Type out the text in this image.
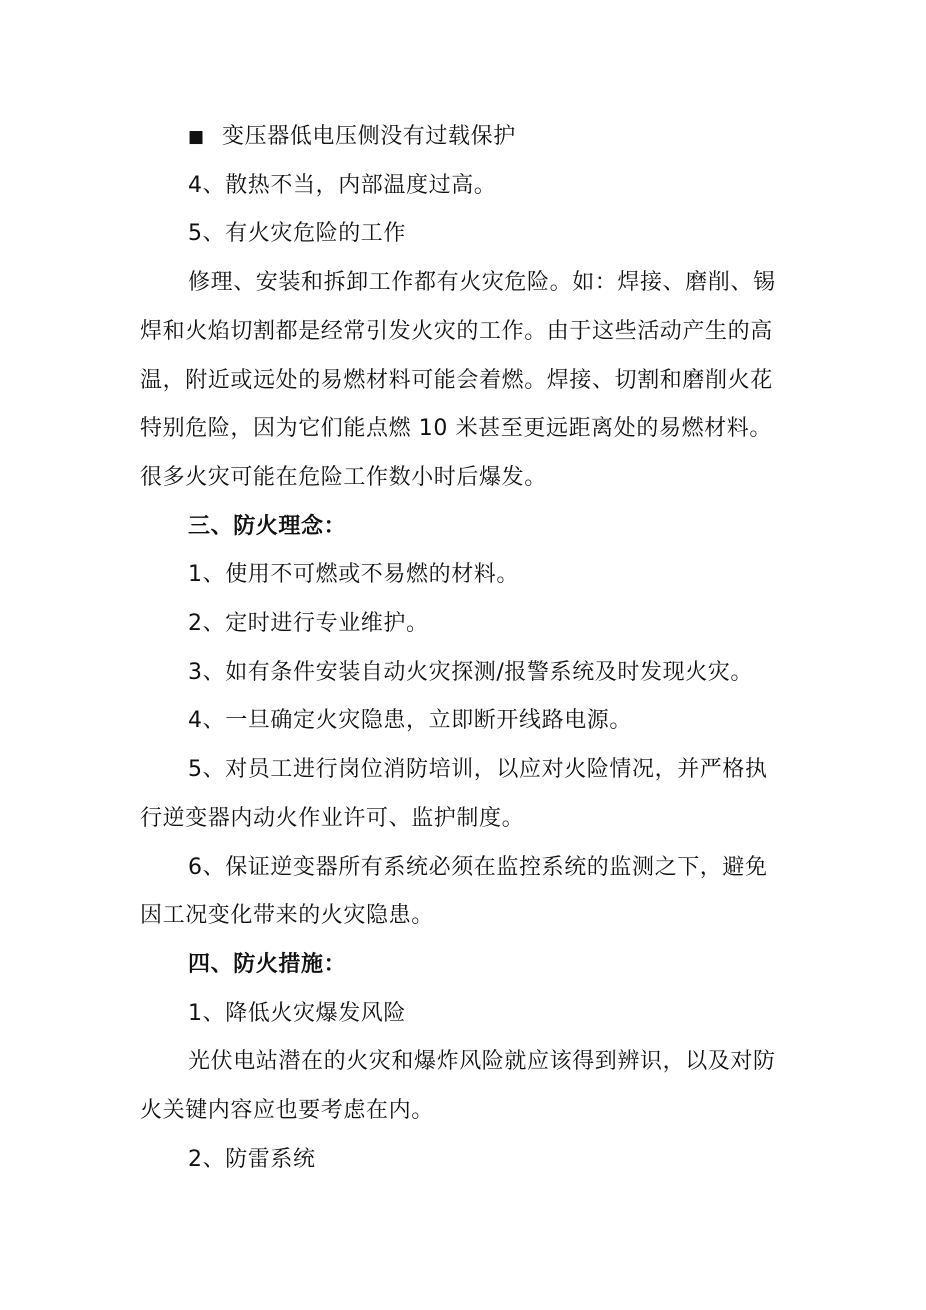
■ 变压器低电压侧没有过载保护

4、散热不当，内部温度过高。

5、有火灾危险的工作

修理、安装和拆卸工作都有火灾危险。如：焊接、磨削、锡

焊和火焰切割都是经常引发火灾的工作。由于这些活动产生的高

温，附近或远处的易燃材料可能会着燃。焊接、切割和磨削火花

特别危险，因为它们能点燃 10 米甚至更远距离处的易燃材料。

很多火灾可能在危险工作数小时后爆发。

三、防火理念：

1、使用不可燃或不易燃的材料。

2、定时进行专业维护。

3、如有条件安装自动火灾探测/报警系统及时发现火灾。

4、一旦确定火灾隐患，立即断开线路电源。

5、对员工进行岗位消防培训，以应对火险情况，并严格执

行逆变器内动火作业许可、监护制度。

6、保证逆变器所有系统必须在监控系统的监测之下，避免

因工况变化带来的火灾隐患。

四、防火措施：

1、降低火灾爆发风险

光伏电站潜在的火灾和爆炸风险就应该得到辨识，以及对防

火关键内容应也要考虑在内。

2、防雷系统
